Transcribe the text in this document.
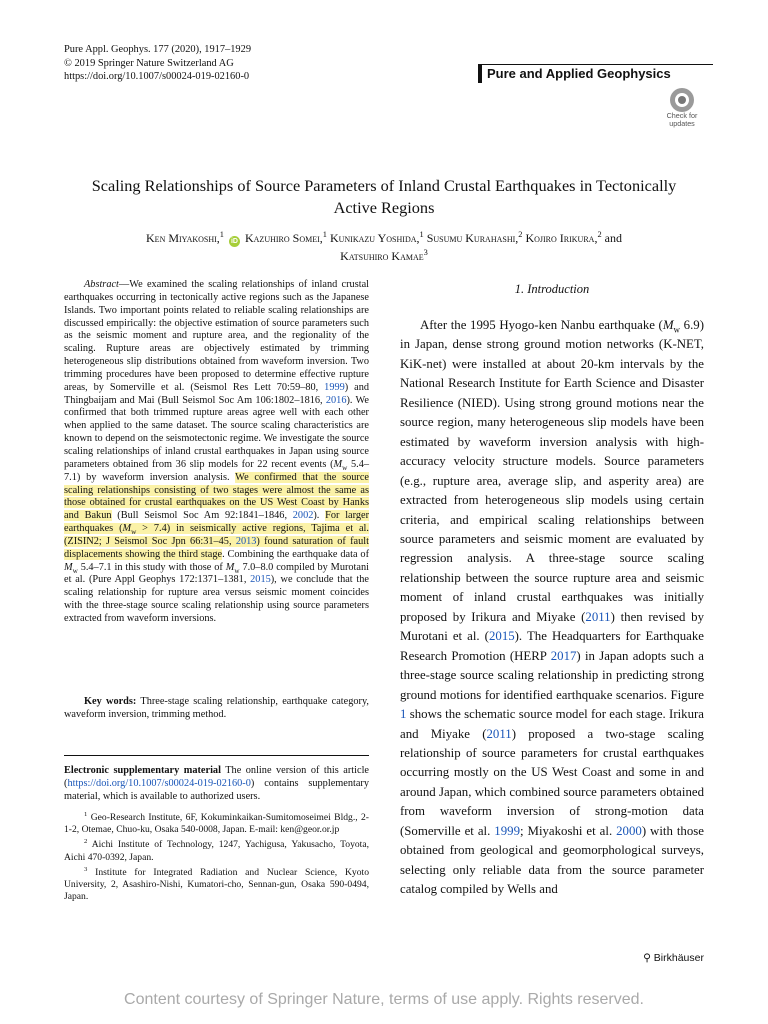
Pure Appl. Geophys. 177 (2020), 1917–1929
© 2019 Springer Nature Switzerland AG
https://doi.org/10.1007/s00024-019-02160-0	Pure and Applied Geophysics
Check for
updates
Scaling Relationships of Source Parameters of Inland Crustal Earthquakes in Tectonically
Active Regions
Ken Miyakoshi,$^1$ iD Kazuhiro Somei,$^1$ Kunikazu Yoshida,$^1$ Susumu Kurahashi,$^2$ Kojiro Irikura,$^2$ and
Katsuhiro Kamae$^3$

Abstract—We examined the scaling relationships of inland crustal earthquakes occurring in tectonically active regions such as the Japanese Islands. Two important points related to reliable scaling relationships are discussed empirically: the objective estimation of source parameters such as the seismic moment and rupture area, and the regionality of the scaling. Rupture areas are objectively estimated by trimming heterogeneous slip distributions obtained from waveform inversion. Two trimming procedures have been proposed to determine effective rupture areas, by Somerville et al. (Seismol Res Lett 70:59–80, 1999) and Thingbaijam and Mai (Bull Seismol Soc Am 106:1802–1816, 2016). We confirmed that both trimmed rupture areas agree well with each other when applied to the same dataset. The source scaling characteristics are known to depend on the seismotectonic regime. We investigate the source scaling relationships of inland crustal earthquakes in Japan using source parameters obtained from 36 slip models for 22 recent events ($M_w$ 5.4–7.1) by waveform inversion analysis. We confirmed that the source scaling relationships consisting of two stages were almost the same as those obtained for crustal earthquakes on the US West Coast by Hanks and Bakun (Bull Seismol Soc Am 92:1841–1846, 2002). For larger earthquakes $(M_w > 7.4)$ in seismically active regions, Tajima et al. (ZISIN2; J Seismol Soc Jpn 66:31–45, 2013) found saturation of fault displacements showing the third stage. Combining the earthquake data of $M_w$ 5.4–7.1 in this study with those of $M_w$ 7.0–8.0 compiled by Murotani et al. (Pure Appl Geophys 172:1371–1381, 2015), we conclude that the scaling relationship for rupture area versus seismic moment coincides with the three-stage source scaling relationship using source parameters extracted from waveform inversions.

Key words: Three-stage scaling relationship, earthquake category, waveform inversion, trimming method.

Electronic supplementary material The online version of this article (https://doi.org/10.1007/s00024-019-02160-0) contains supplementary material, which is available to authorized users.

$^1$ Geo-Research Institute, 6F, Kokuminkaikan-Sumitomoseimei Bldg., 2-1-2, Otemae, Chuo-ku, Osaka 540-0008, Japan. E-mail: ken@geor.or.jp

$^2$ Aichi Institute of Technology, 1247, Yachigusa, Yakusacho, Toyota, Aichi 470-0392, Japan.

$^3$ Institute for Integrated Radiation and Nuclear Science, Kyoto University, 2, Asashiro-Nishi, Kumatori-cho, Sennan-gun, Osaka 590-0494, Japan.

1. Introduction

After the 1995 Hyogo-ken Nanbu earthquake ($M_w$ 6.9) in Japan, dense strong ground motion networks (K-NET, KiK-net) were installed at about 20-km intervals by the National Research Institute for Earth Science and Disaster Resilience (NIED). Using strong ground motions near the source region, many heterogeneous slip models have been estimated by waveform inversion analysis with high-accuracy velocity structure models. Source parameters (e.g., rupture area, average slip, and asperity area) are extracted from heterogeneous slip models using certain criteria, and empirical scaling relationships between source parameters and seismic moment are evaluated by regression analysis. A three-stage source scaling relationship between the source rupture area and seismic moment of inland crustal earthquakes was initially proposed by Irikura and Miyake (2011) then revised by Murotani et al. (2015). The Headquarters for Earthquake Research Promotion (HERP 2017) in Japan adopts such a three-stage source scaling relationship in predicting strong ground motions for identified earthquake scenarios. Figure 1 shows the schematic source model for each stage. Irikura and Miyake (2011) proposed a two-stage scaling relationship of source parameters for crustal earthquakes occurring mostly on the US West Coast and some in and around Japan, which combined source parameters obtained from waveform inversion of strong-motion data (Somerville et al. 1999; Miyakoshi et al. 2000) with those obtained from geological and geomorphological surveys, selecting only reliable data from the source parameter catalog compiled by Wells and

⚲ Birkhäuser
Content courtesy of Springer Nature, terms of use apply. Rights reserved.
